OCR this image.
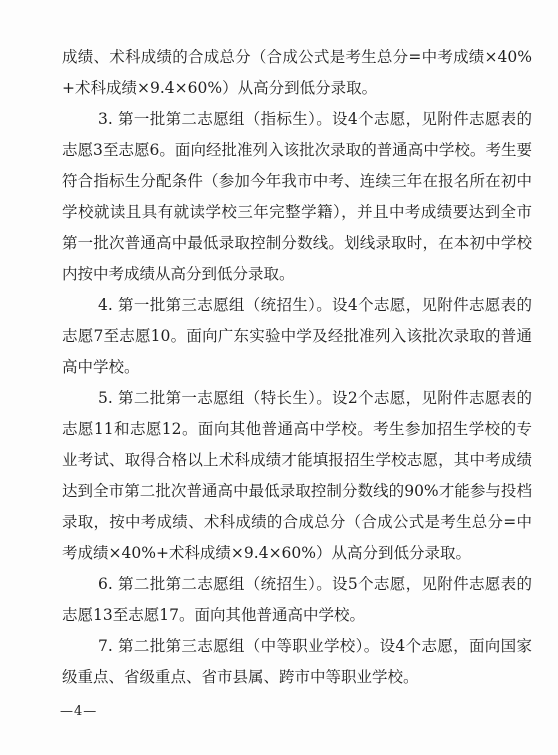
成绩、术科成绩的合成总分（合成公式是考生总分=中考成绩×40%+术科成绩×9.4×60%）从高分到低分录取。

3. 第一批第二志愿组（指标生）。设4个志愿，见附件志愿表的志愿3至志愿6。面向经批准列入该批次录取的普通高中学校。考生要符合指标生分配条件（参加今年我市中考、连续三年在报名所在初中学校就读且具有就读学校三年完整学籍），并且中考成绩要达到全市第一批次普通高中最低录取控制分数线。划线录取时，在本初中学校内按中考成绩从高分到低分录取。

4. 第一批第三志愿组（统招生）。设4个志愿，见附件志愿表的志愿7至志愿10。面向广东实验中学及经批准列入该批次录取的普通高中学校。

5. 第二批第一志愿组（特长生）。设2个志愿，见附件志愿表的志愿11和志愿12。面向其他普通高中学校。考生参加招生学校的专业考试、取得合格以上术科成绩才能填报招生学校志愿，其中考成绩达到全市第二批次普通高中最低录取控制分数线的90%才能参与投档录取，按中考成绩、术科成绩的合成总分（合成公式是考生总分=中考成绩×40%+术科成绩×9.4×60%）从高分到低分录取。

6. 第二批第二志愿组（统招生）。设5个志愿，见附件志愿表的志愿13至志愿17。面向其他普通高中学校。

7. 第二批第三志愿组（中等职业学校）。设4个志愿，面向国家级重点、省级重点、省市县属、跨市中等职业学校。

—4—
